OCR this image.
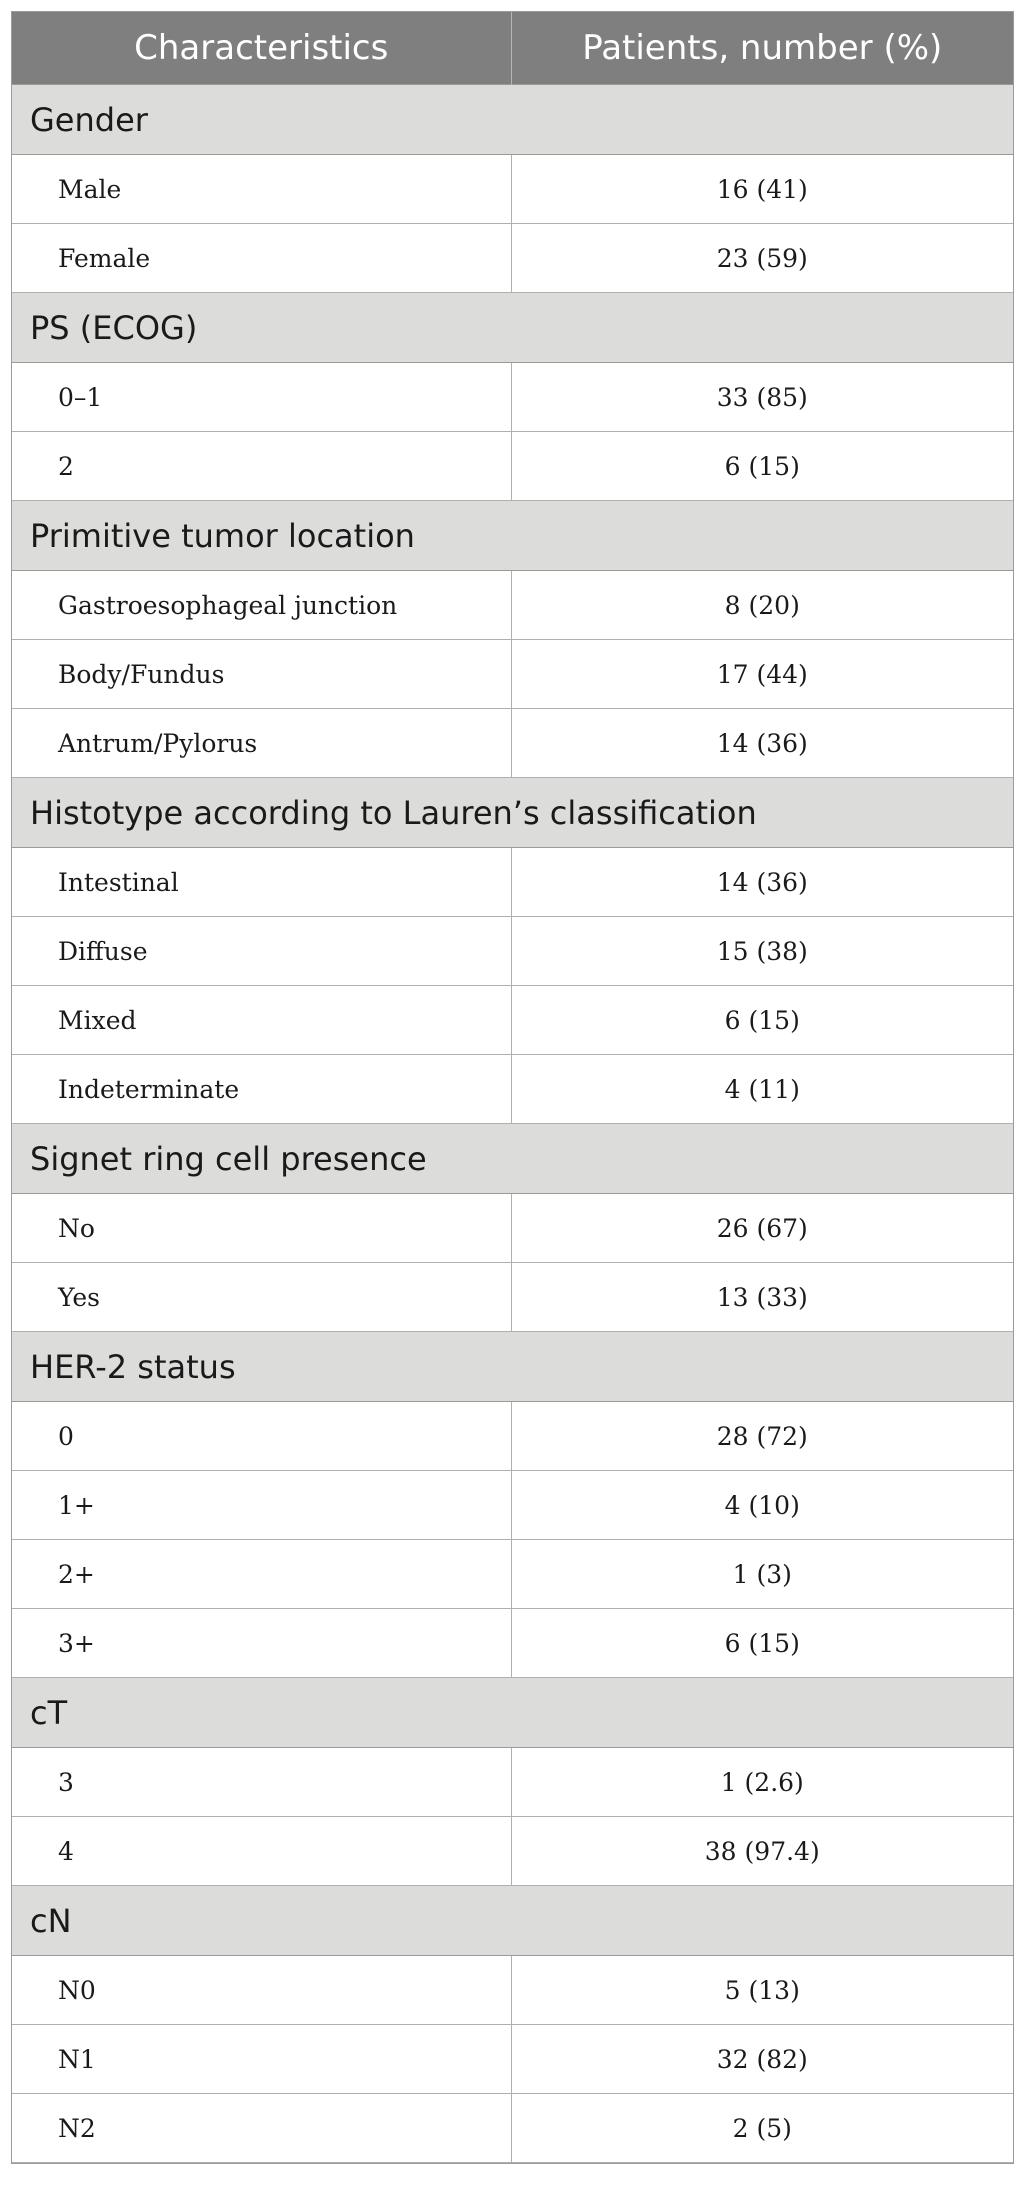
Characteristics	Patients, number (%)
Gender	
Male	16 (41)
Female	23 (59)
PS (ECOG)	
0–1	33 (85)
2	6 (15)
Primitive tumor location	
Gastroesophageal junction	8 (20)
Body/Fundus	17 (44)
Antrum/Pylorus	14 (36)
Histotype according to Lauren’s classification	
Intestinal	14 (36)
Diffuse	15 (38)
Mixed	6 (15)
Indeterminate	4 (11)
Signet ring cell presence	
No	26 (67)
Yes	13 (33)
HER-2 status	
0	28 (72)
1+	4 (10)
2+	1 (3)
3+	6 (15)
cT	
3	1 (2.6)
4	38 (97.4)
cN	
N0	5 (13)
N1	32 (82)
N2	2 (5)
